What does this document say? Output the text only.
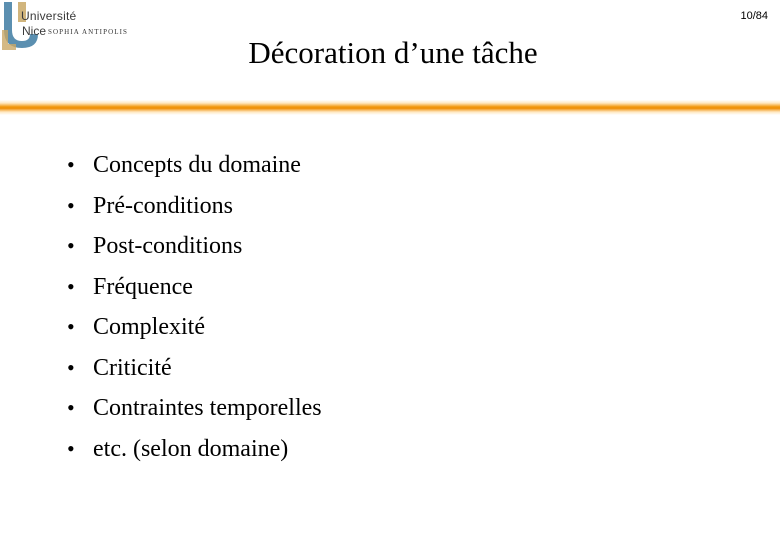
Université
Nice SOPHIA ANTIPOLIS
10/84
Décoration d’une tâche
• Concepts du domaine
• Pré-conditions
• Post-conditions
• Fréquence
• Complexité
• Criticité
• Contraintes temporelles
• etc. (selon domaine)
